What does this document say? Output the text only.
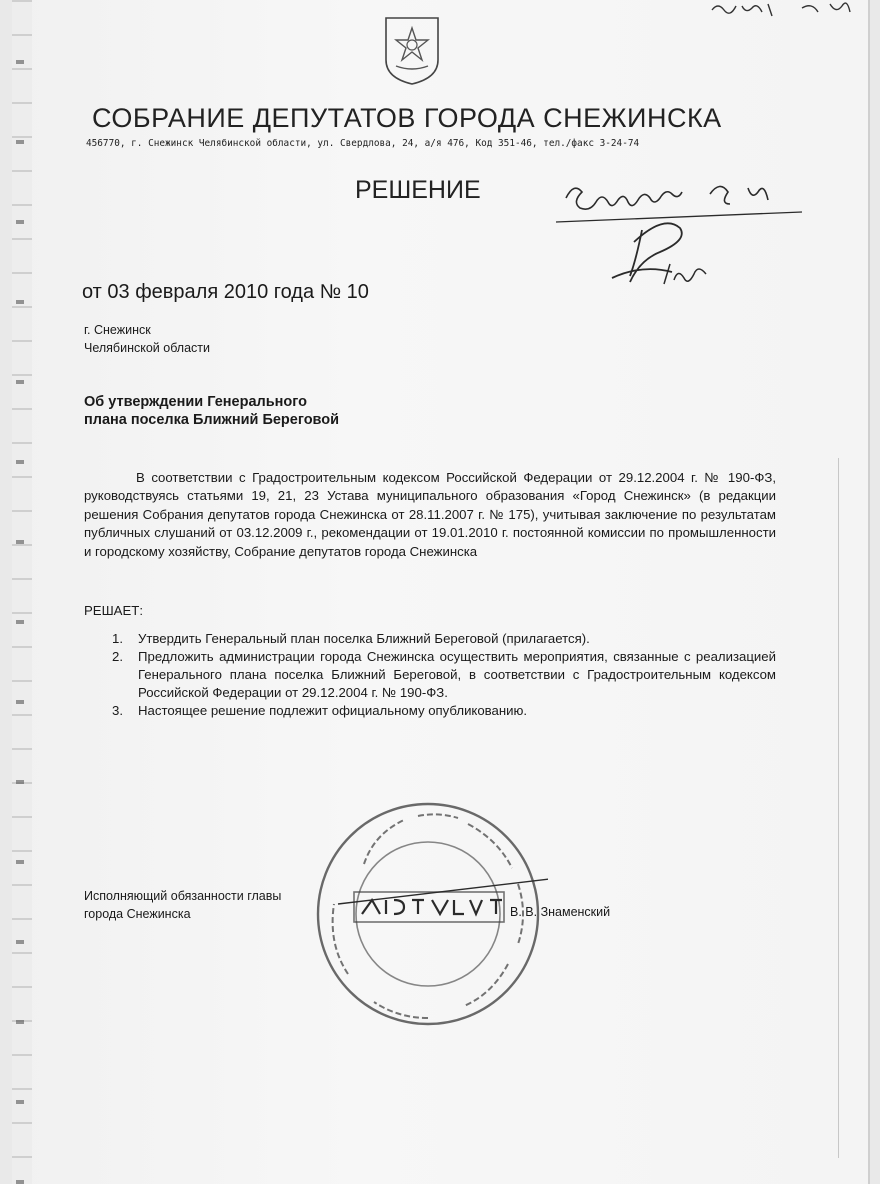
СОБРАНИЕ ДЕПУТАТОВ ГОРОДА СНЕЖИНСКА
456770, г. Снежинск Челябинской области, ул. Свердлова, 24, а/я 476, Код 351-46, тел./факс 3-24-74
РЕШЕНИЕ
от 03 февраля 2010 года № 10
г. Снежинск
Челябинской области
Об утверждении Генерального
плана поселка Ближний Береговой

В соответствии с Градостроительным кодексом Российской Федерации от 29.12.2004 г. № 190-ФЗ, руководствуясь статьями 19, 21, 23 Устава муниципального образования «Город Снежинск» (в редакции решения Собрания депутатов города Снежинска от 28.11.2007 г. № 175), учитывая заключение по результатам публичных слушаний от 03.12.2009 г., рекомендации от 19.01.2010 г. постоянной комиссии по промышленности и городскому хозяйству, Собрание депутатов города Снежинска

РЕШАЕТ:
1.	Утвердить Генеральный план поселка Ближний Береговой (прилагается).
2.	Предложить администрации города Снежинска осуществить мероприятия, связанные с реализацией Генерального плана поселка Ближний Береговой, в соответствии с Градостроительным кодексом Российской Федерации от 29.12.2004 г. № 190-ФЗ.
3.	Настоящее решение подлежит официальному опубликованию.
Исполняющий обязанности главы
города Снежинска	В. В. Знаменский
